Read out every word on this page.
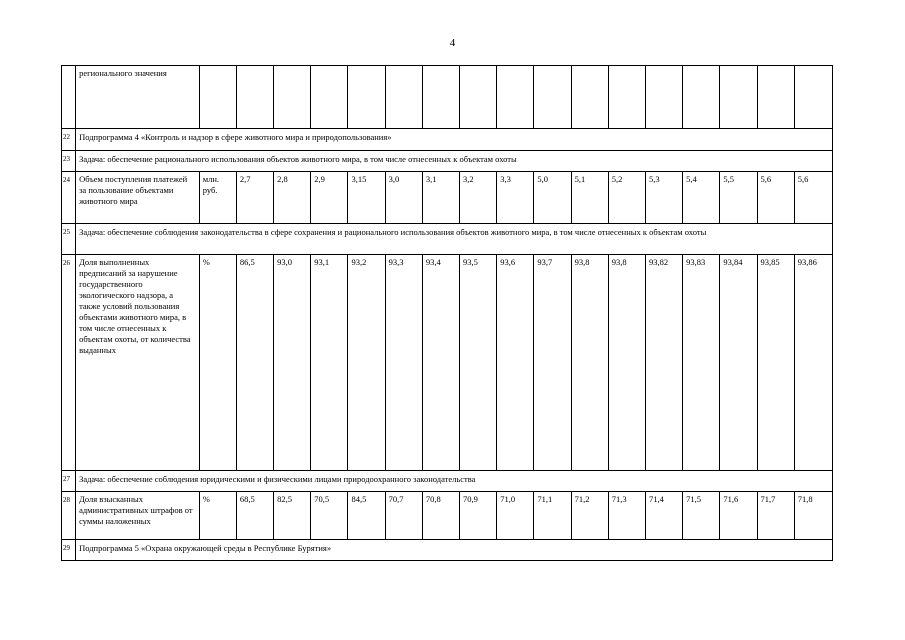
4
	регионального значения																	
22	Подпрограмма 4 «Контроль и надзор в сфере животного мира и природопользования»																	
23	Задача: обеспечение рационального использования объектов животного мира, в том числе отнесенных к объектам охоты																	
24	Объем поступления платежей за пользование объектами животного мира	млн. руб.	2,7	2,8	2,9	3,15	3,0	3,1	3,2	3,3	5,0	5,1	5,2	5,3	5,4	5,5	5,6	5,6
25	Задача: обеспечение соблюдения законодательства в сфере сохранения и рационального использования объектов животного мира, в том числе отнесенных к объектам охоты																	
26	Доля выполненных предписаний за нарушение государственного экологического надзора, а также условий пользования объектами животного мира, в том числе отнесенных к объектам охоты, от количества выданных	%	86,5	93,0	93,1	93,2	93,3	93,4	93,5	93,6	93,7	93,8	93,8	93,82	93,83	93,84	93,85	93,86
27	Задача: обеспечение соблюдения юридическими и физическими лицами природоохранного законодательства																	
28	Доля взысканных административных штрафов от суммы наложенных	%	68,5	82,5	70,5	84,5	70,7	70,8	70,9	71,0	71,1	71,2	71,3	71,4	71,5	71,6	71,7	71,8
29	Подпрограмма 5 «Охрана окружающей среды в Республике Бурятия»																	
